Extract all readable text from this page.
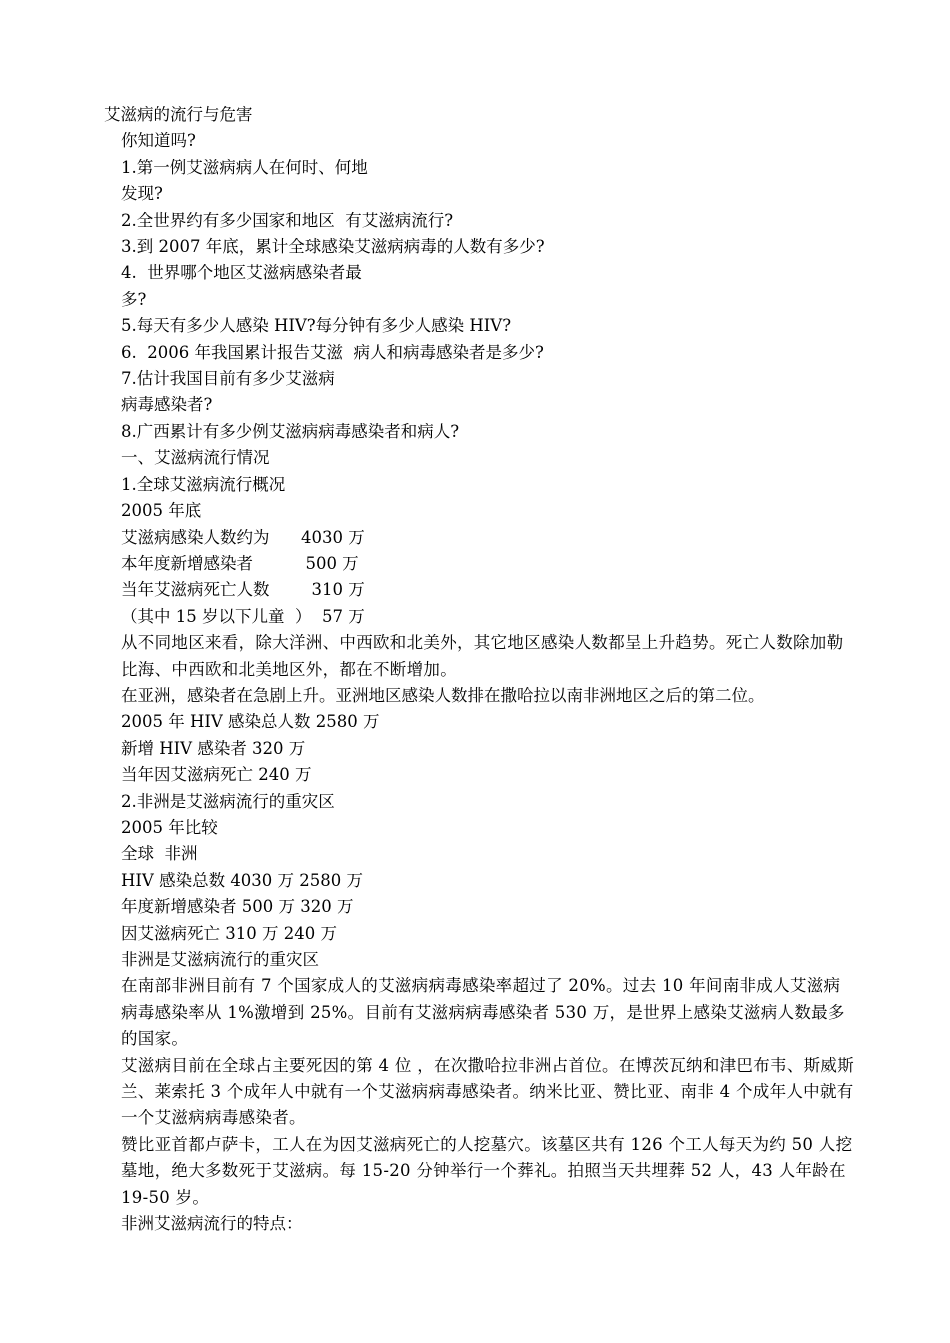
艾滋病的流行与危害
你知道吗?
1.第一例艾滋病病人在何时、何地
发现?
2.全世界约有多少国家和地区  有艾滋病流行?
3.到 2007 年底，累计全球感染艾滋病病毒的人数有多少?
4.  世界哪个地区艾滋病感染者最
多?
5.每天有多少人感染 HIV?每分钟有多少人感染 HIV?
6.  2006 年我国累计报告艾滋  病人和病毒感染者是多少?
7.估计我国目前有多少艾滋病
病毒感染者?
8.广西累计有多少例艾滋病病毒感染者和病人?
一、艾滋病流行情况
1.全球艾滋病流行概况
2005 年底
艾滋病感染人数约为      4030 万
本年度新增感染者          500 万
当年艾滋病死亡人数        310 万
（其中 15 岁以下儿童  ）  57 万
从不同地区来看，除大洋洲、中西欧和北美外，其它地区感染人数都呈上升趋势。死亡人数除加勒比海、中西欧和北美地区外，都在不断增加。
在亚洲，感染者在急剧上升。亚洲地区感染人数排在撒哈拉以南非洲地区之后的第二位。
2005 年 HIV 感染总人数 2580 万
新增 HIV 感染者 320 万
当年因艾滋病死亡 240 万
2.非洲是艾滋病流行的重灾区
2005 年比较
全球  非洲
HIV 感染总数 4030 万 2580 万
年度新增感染者 500 万 320 万
因艾滋病死亡 310 万 240 万
非洲是艾滋病流行的重灾区
在南部非洲目前有 7 个国家成人的艾滋病病毒感染率超过了 20%。过去 10 年间南非成人艾滋病病毒感染率从 1%激增到 25%。目前有艾滋病病毒感染者 530 万，是世界上感染艾滋病人数最多的国家。
艾滋病目前在全球占主要死因的第 4 位 ，在次撒哈拉非洲占首位。在博茨瓦纳和津巴布韦、斯威斯兰、莱索托 3 个成年人中就有一个艾滋病病毒感染者。纳米比亚、赞比亚、南非 4 个成年人中就有一个艾滋病病毒感染者。
赞比亚首都卢萨卡，工人在为因艾滋病死亡的人挖墓穴。该墓区共有 126 个工人每天为约 50 人挖墓地，绝大多数死于艾滋病。每 15-20 分钟举行一个葬礼。拍照当天共埋葬 52 人，43 人年龄在 19-50 岁。
非洲艾滋病流行的特点：
